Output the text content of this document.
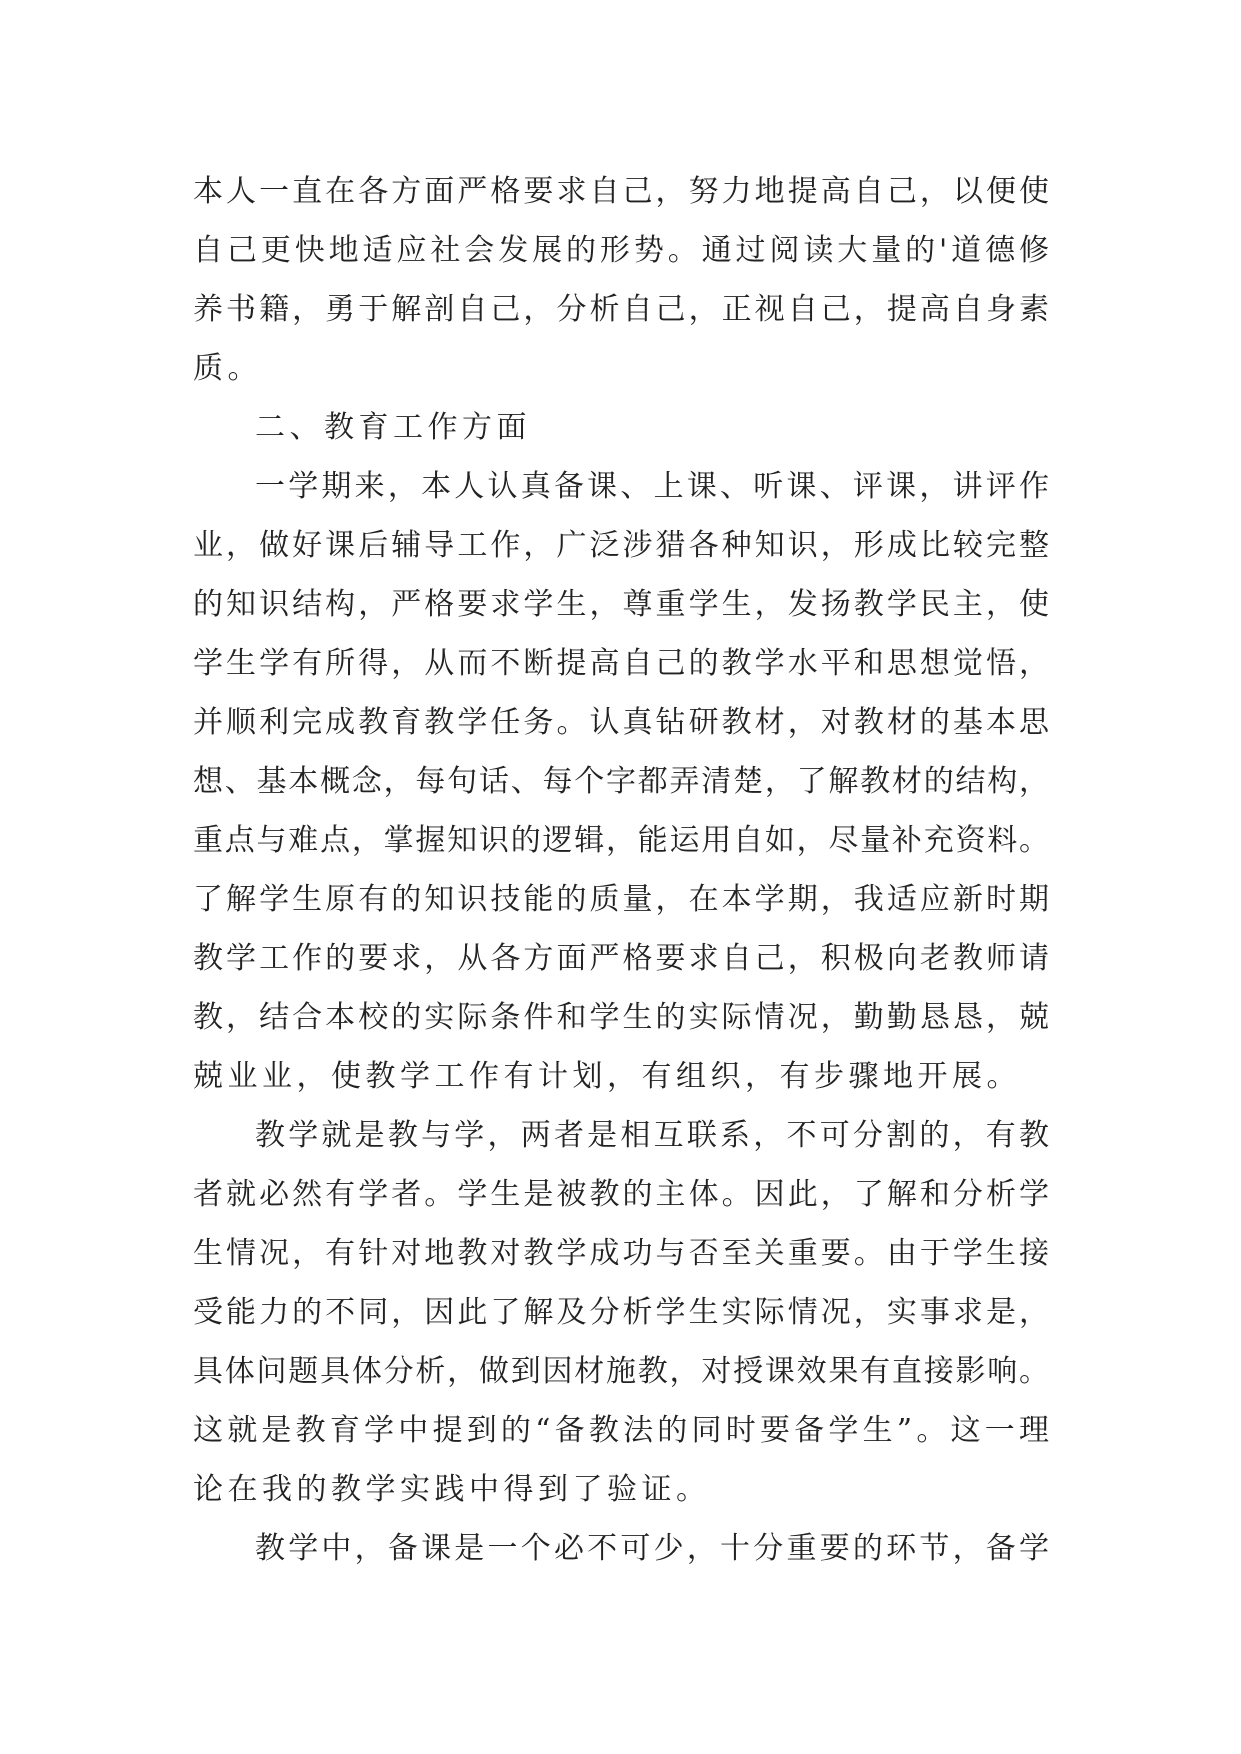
本人一直在各方面严格要求自己，努力地提高自己，以便使
自己更快地适应社会发展的形势。通过阅读大量的'道德修
养书籍，勇于解剖自己，分析自己，正视自己，提高自身素
质。
二、教育工作方面
一学期来，本人认真备课、上课、听课、评课，讲评作
业，做好课后辅导工作，广泛涉猎各种知识，形成比较完整
的知识结构，严格要求学生，尊重学生，发扬教学民主，使
学生学有所得，从而不断提高自己的教学水平和思想觉悟，
并顺利完成教育教学任务。认真钻研教材，对教材的基本思
想、基本概念，每句话、每个字都弄清楚，了解教材的结构，
重点与难点，掌握知识的逻辑，能运用自如，尽量补充资料。
了解学生原有的知识技能的质量，在本学期，我适应新时期
教学工作的要求，从各方面严格要求自己，积极向老教师请
教，结合本校的实际条件和学生的实际情况，勤勤恳恳，兢
兢业业，使教学工作有计划，有组织，有步骤地开展。
教学就是教与学，两者是相互联系，不可分割的，有教
者就必然有学者。学生是被教的主体。因此，了解和分析学
生情况，有针对地教对教学成功与否至关重要。由于学生接
受能力的不同，因此了解及分析学生实际情况，实事求是，
具体问题具体分析，做到因材施教，对授课效果有直接影响。
这就是教育学中提到的“备教法的同时要备学生”。这一理
论在我的教学实践中得到了验证。
教学中，备课是一个必不可少，十分重要的环节，备学
